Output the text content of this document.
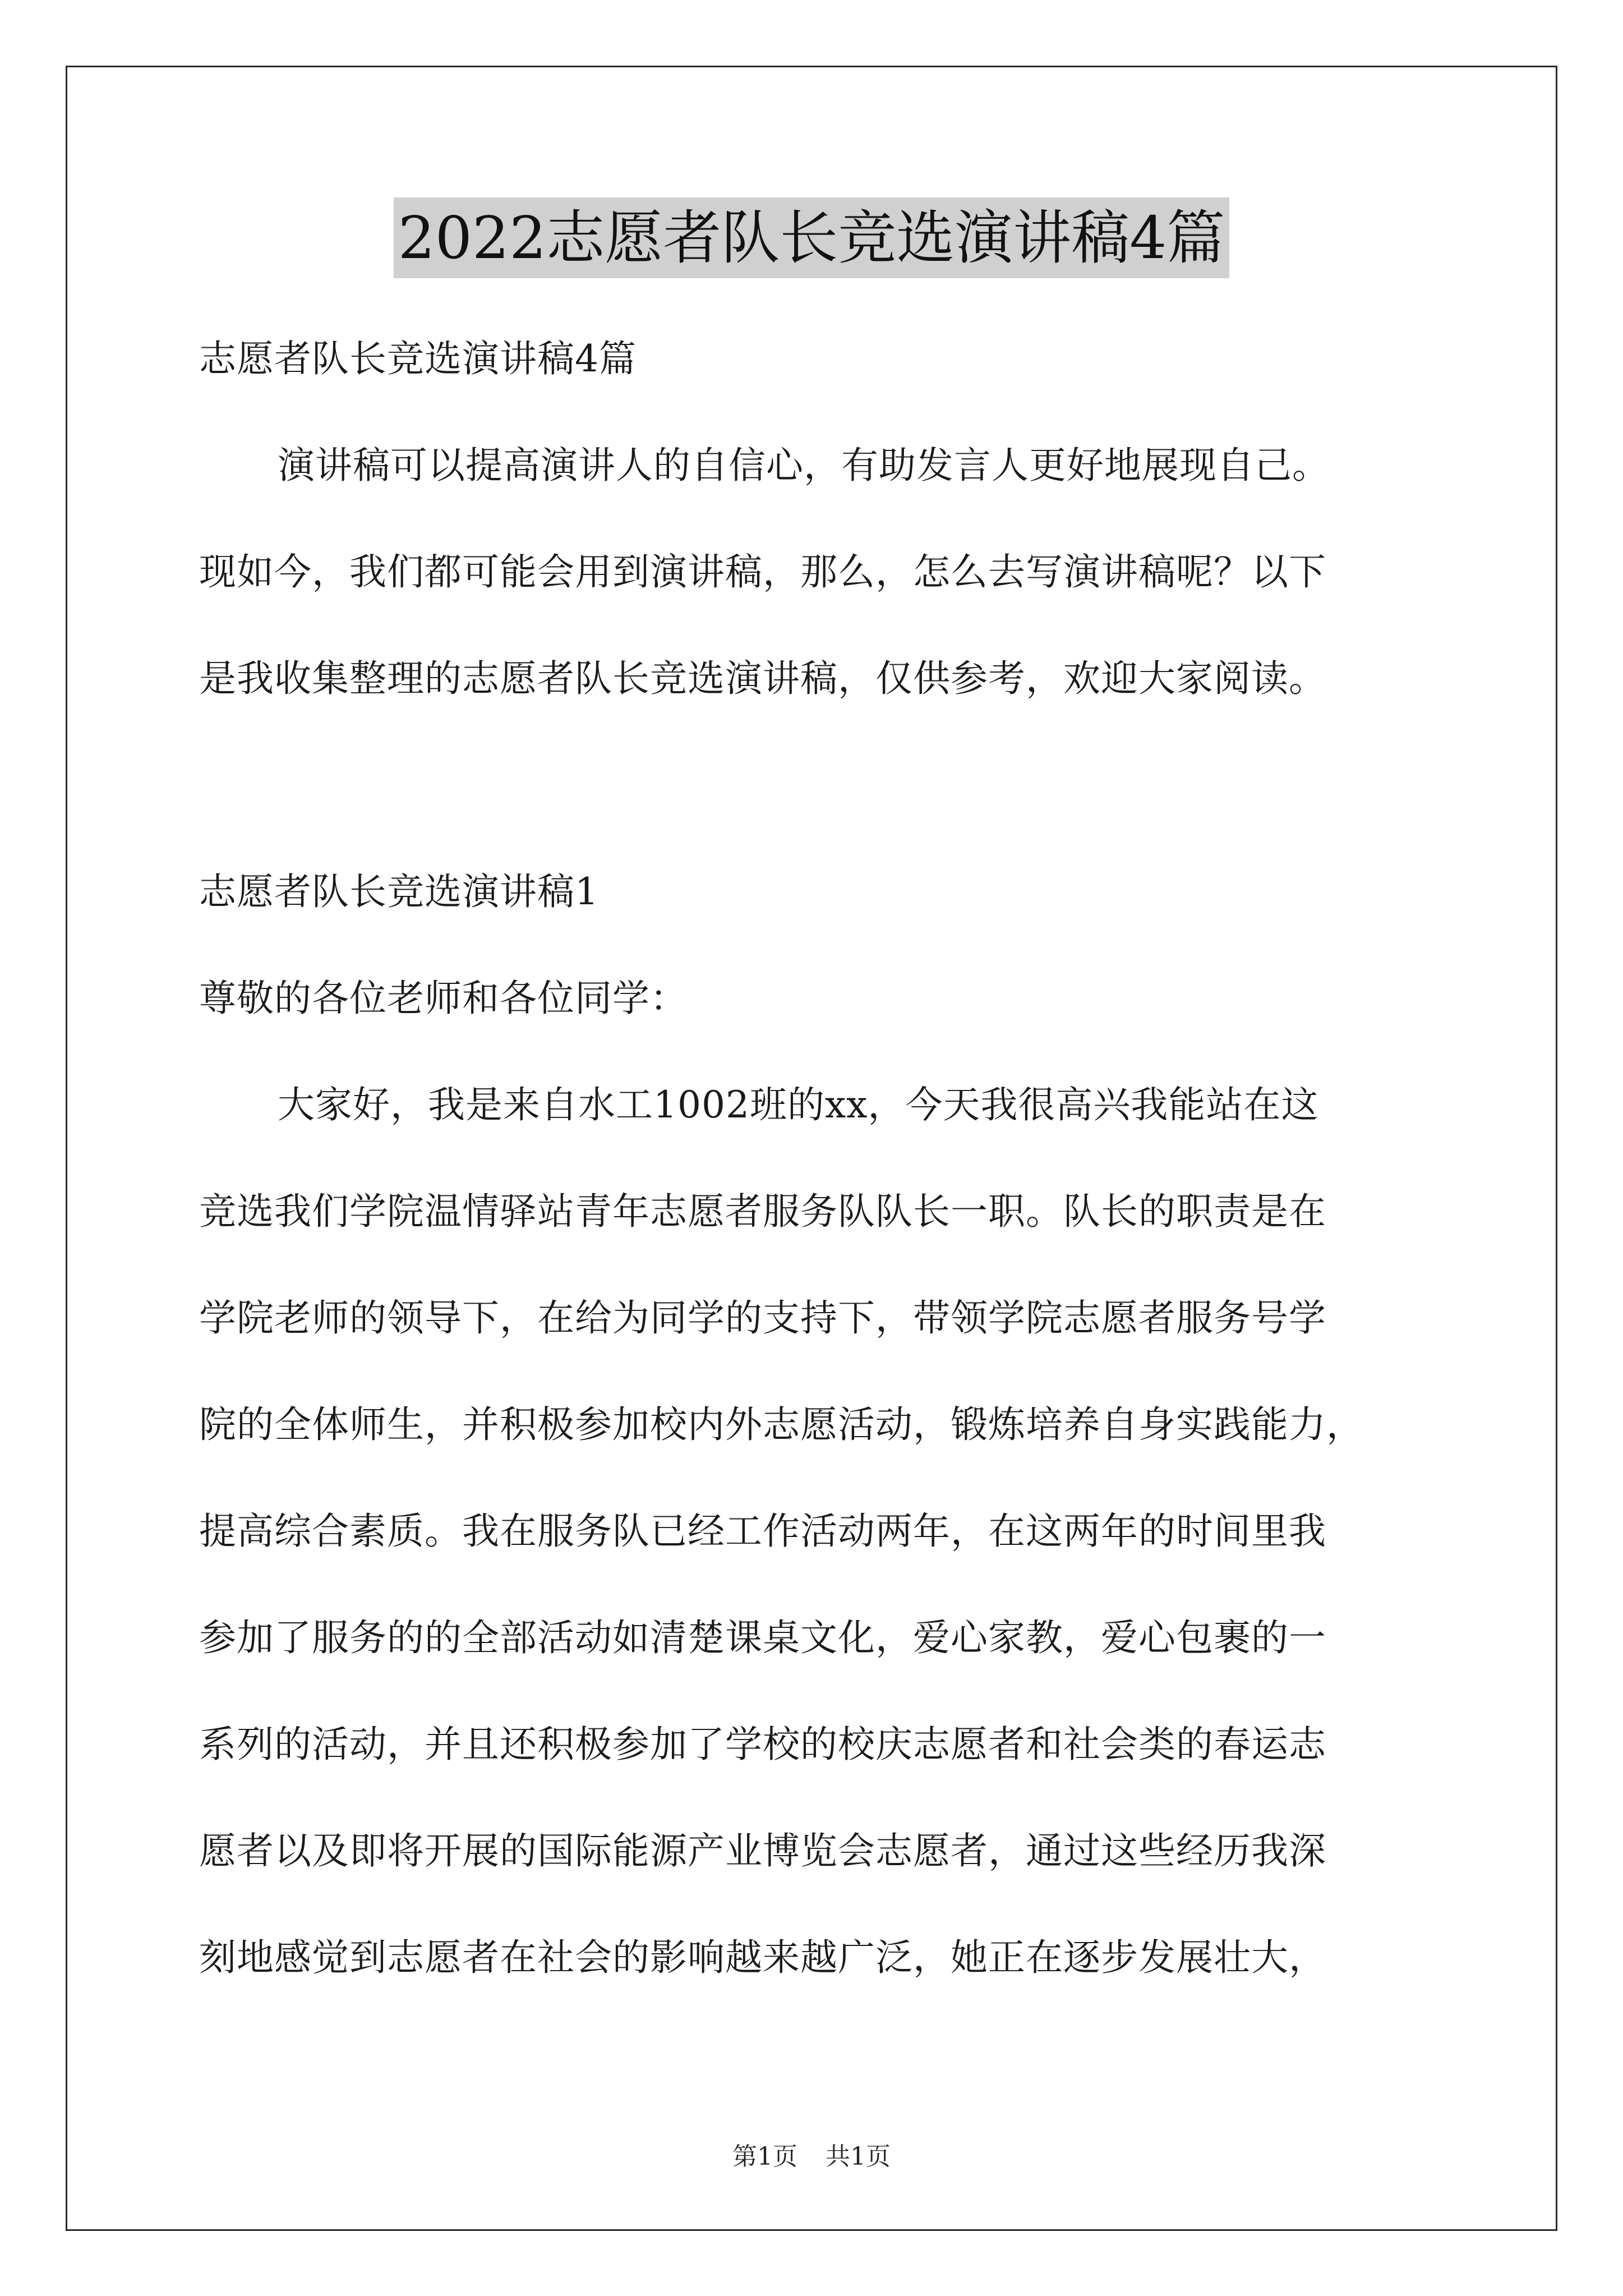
2022志愿者队长竞选演讲稿4篇
志愿者队长竞选演讲稿4篇
演讲稿可以提高演讲人的自信心，有助发言人更好地展现自己。
现如今，我们都可能会用到演讲稿，那么，怎么去写演讲稿呢？以下
是我收集整理的志愿者队长竞选演讲稿，仅供参考，欢迎大家阅读。
志愿者队长竞选演讲稿1
尊敬的各位老师和各位同学：
大家好，我是来自水工1002班的xx，今天我很高兴我能站在这
竞选我们学院温情驿站青年志愿者服务队队长一职。队长的职责是在
学院老师的领导下，在给为同学的支持下，带领学院志愿者服务号学
院的全体师生，并积极参加校内外志愿活动，锻炼培养自身实践能力，
提高综合素质。我在服务队已经工作活动两年，在这两年的时间里我
参加了服务的的全部活动如清楚课桌文化，爱心家教，爱心包裹的一
系列的活动，并且还积极参加了学校的校庆志愿者和社会类的春运志
愿者以及即将开展的国际能源产业博览会志愿者，通过这些经历我深
刻地感觉到志愿者在社会的影响越来越广泛，她正在逐步发展壮大，
第1页 共1页
